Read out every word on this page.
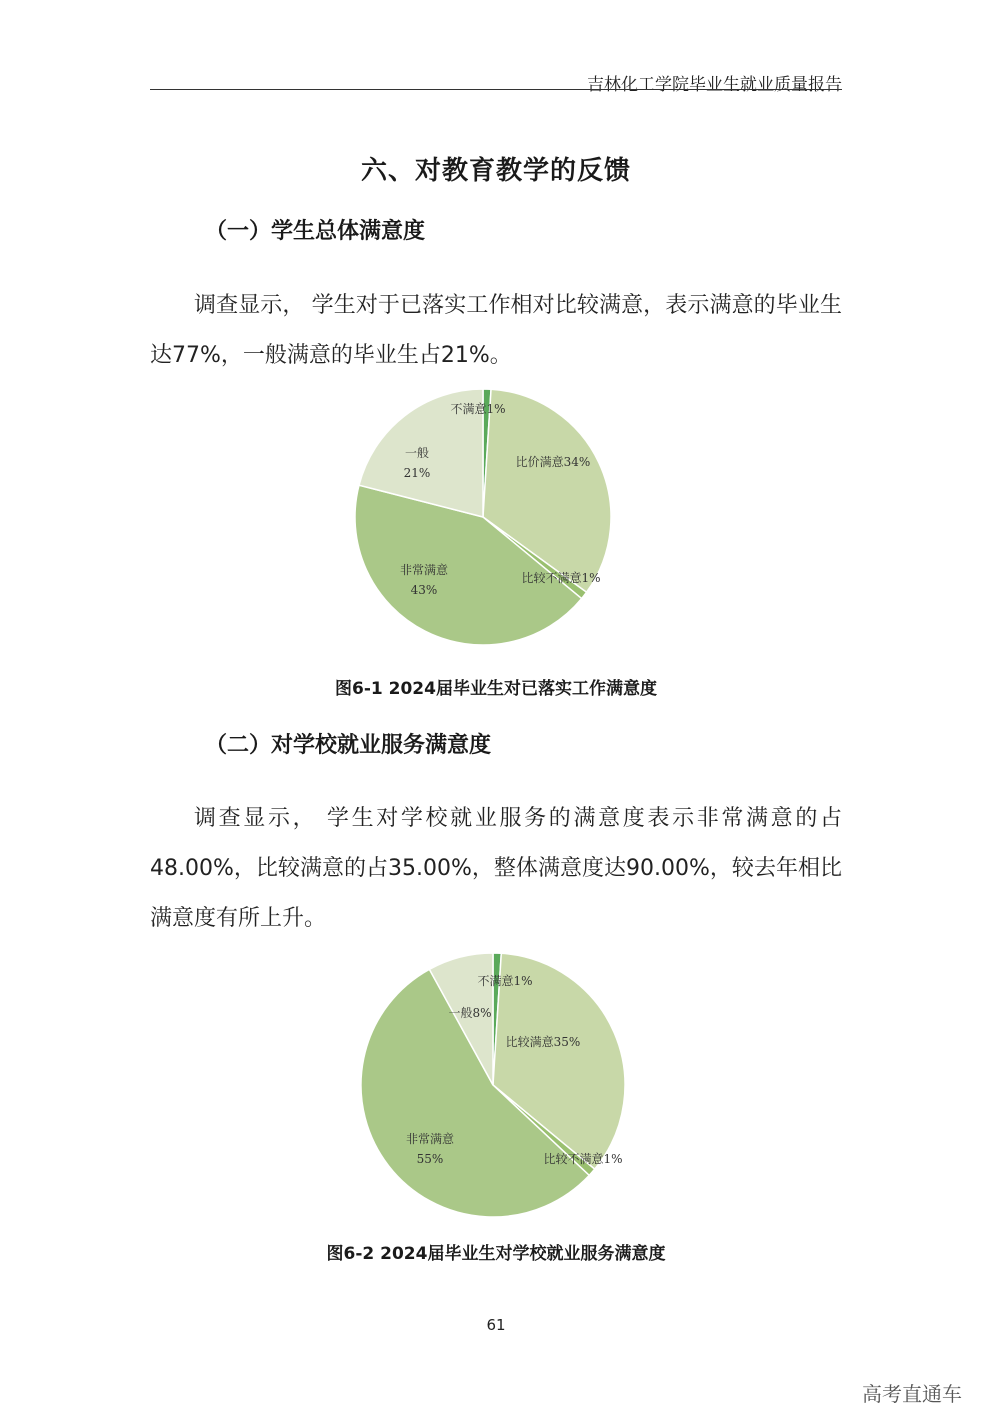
吉林化工学院毕业生就业质量报告
六、对教育教学的反馈
（一）学生总体满意度
调查显示， 学生对于已落实工作相对比较满意，表示满意的毕业生达77%，一般满意的毕业生占21%。
不满意1%
比价满意34%
比较不满意1%
非常满意 43%
一般 21%
图6-1 2024届毕业生对已落实工作满意度
（二）对学校就业服务满意度
调查显示， 学生对学校就业服务的满意度表示非常满意的占48.00%，比较满意的占35.00%，整体满意度达90.00%，较去年相比满意度有所上升。
不满意1%
比较满意35%
比较不满意1%
非常满意 55%
一般8%
图6-2 2024届毕业生对学校就业服务满意度
61
高考直通车
